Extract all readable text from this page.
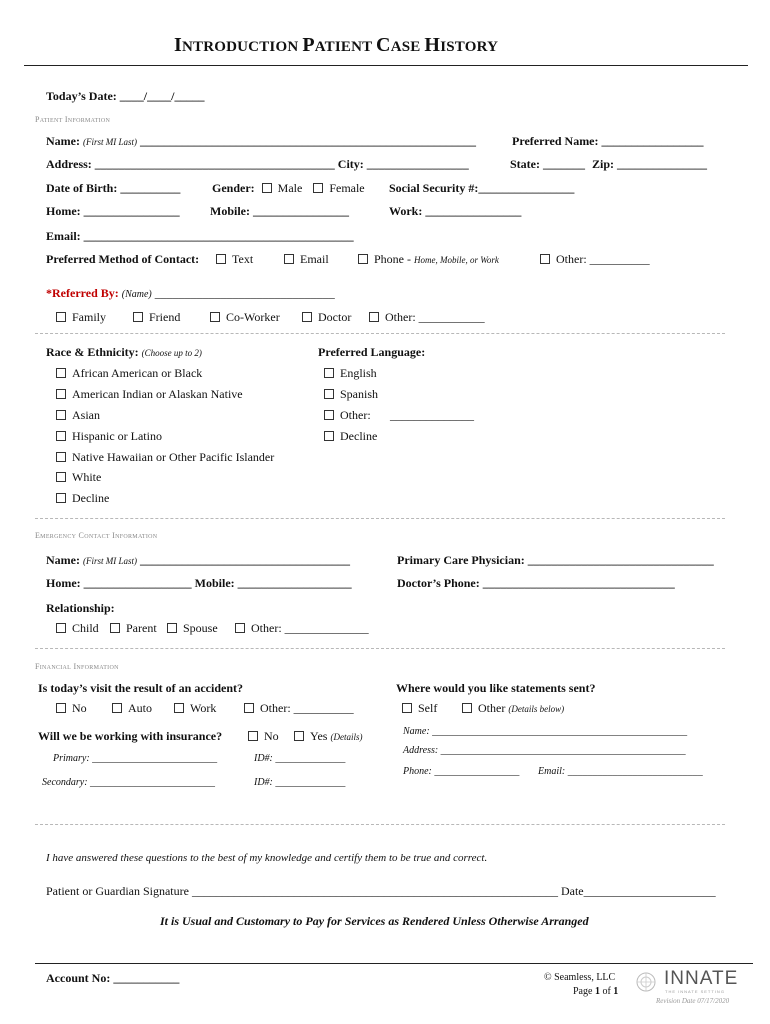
INTRODUCTION PATIENT CASE HISTORY
Today’s Date: ____/____/_____
Patient Information
Name: (First MI Last) ________________________________________________________	Preferred Name: _________________
Address: ________________________________________ City: _________________	State: _______ Zip: _______________
Date of Birth: __________	Gender: Male Female Social Security #:________________
Home: ________________	Mobile: ________________	Work: ________________
Email: _____________________________________________
Preferred Method of Contact:	Text	Email	Phone - Home, Mobile, or Work	Other: __________
*Referred By: (Name) ______________________________
Family	Friend	Co-Worker	Doctor	Other: ___________
Race & Ethnicity: (Choose up to 2)	Preferred Language:
African American or Black
American Indian or Alaskan Native
Asian
Hispanic or Latino
Native Hawaiian or Other Pacific Islander
White
Decline
English
Spanish
Other: ______________
Decline
Emergency Contact Information
Name: (First MI Last) ___________________________________	Primary Care Physician: _______________________________
Home: __________________ Mobile: ___________________	Doctor’s Phone: ________________________________
Relationship:
Child	Parent	Spouse	Other: ______________
Financial Information
Is today’s visit the result of an accident?	Where would you like statements sent?
No	Auto	Work	Other: __________	Self	Other (Details below)
Will we be working with insurance?	No	Yes (Details)	Name: ___________________________________________________
Address: _________________________________________________
Phone: _________________ Email: ___________________________
Primary: _________________________	ID#: ______________
Secondary: _________________________	ID#: ______________
I have answered these questions to the best of my knowledge and certify them to be true and correct.
Patient or Guardian Signature _____________________________________________________________ Date______________________
It is Usual and Customary to Pay for Services as Rendered Unless Otherwise Arranged
Account No: ___________	© Seamless, LLC
Page 1 of 1
INNATE
THE INNATE SETTING
Revision Date 07/17/2020
